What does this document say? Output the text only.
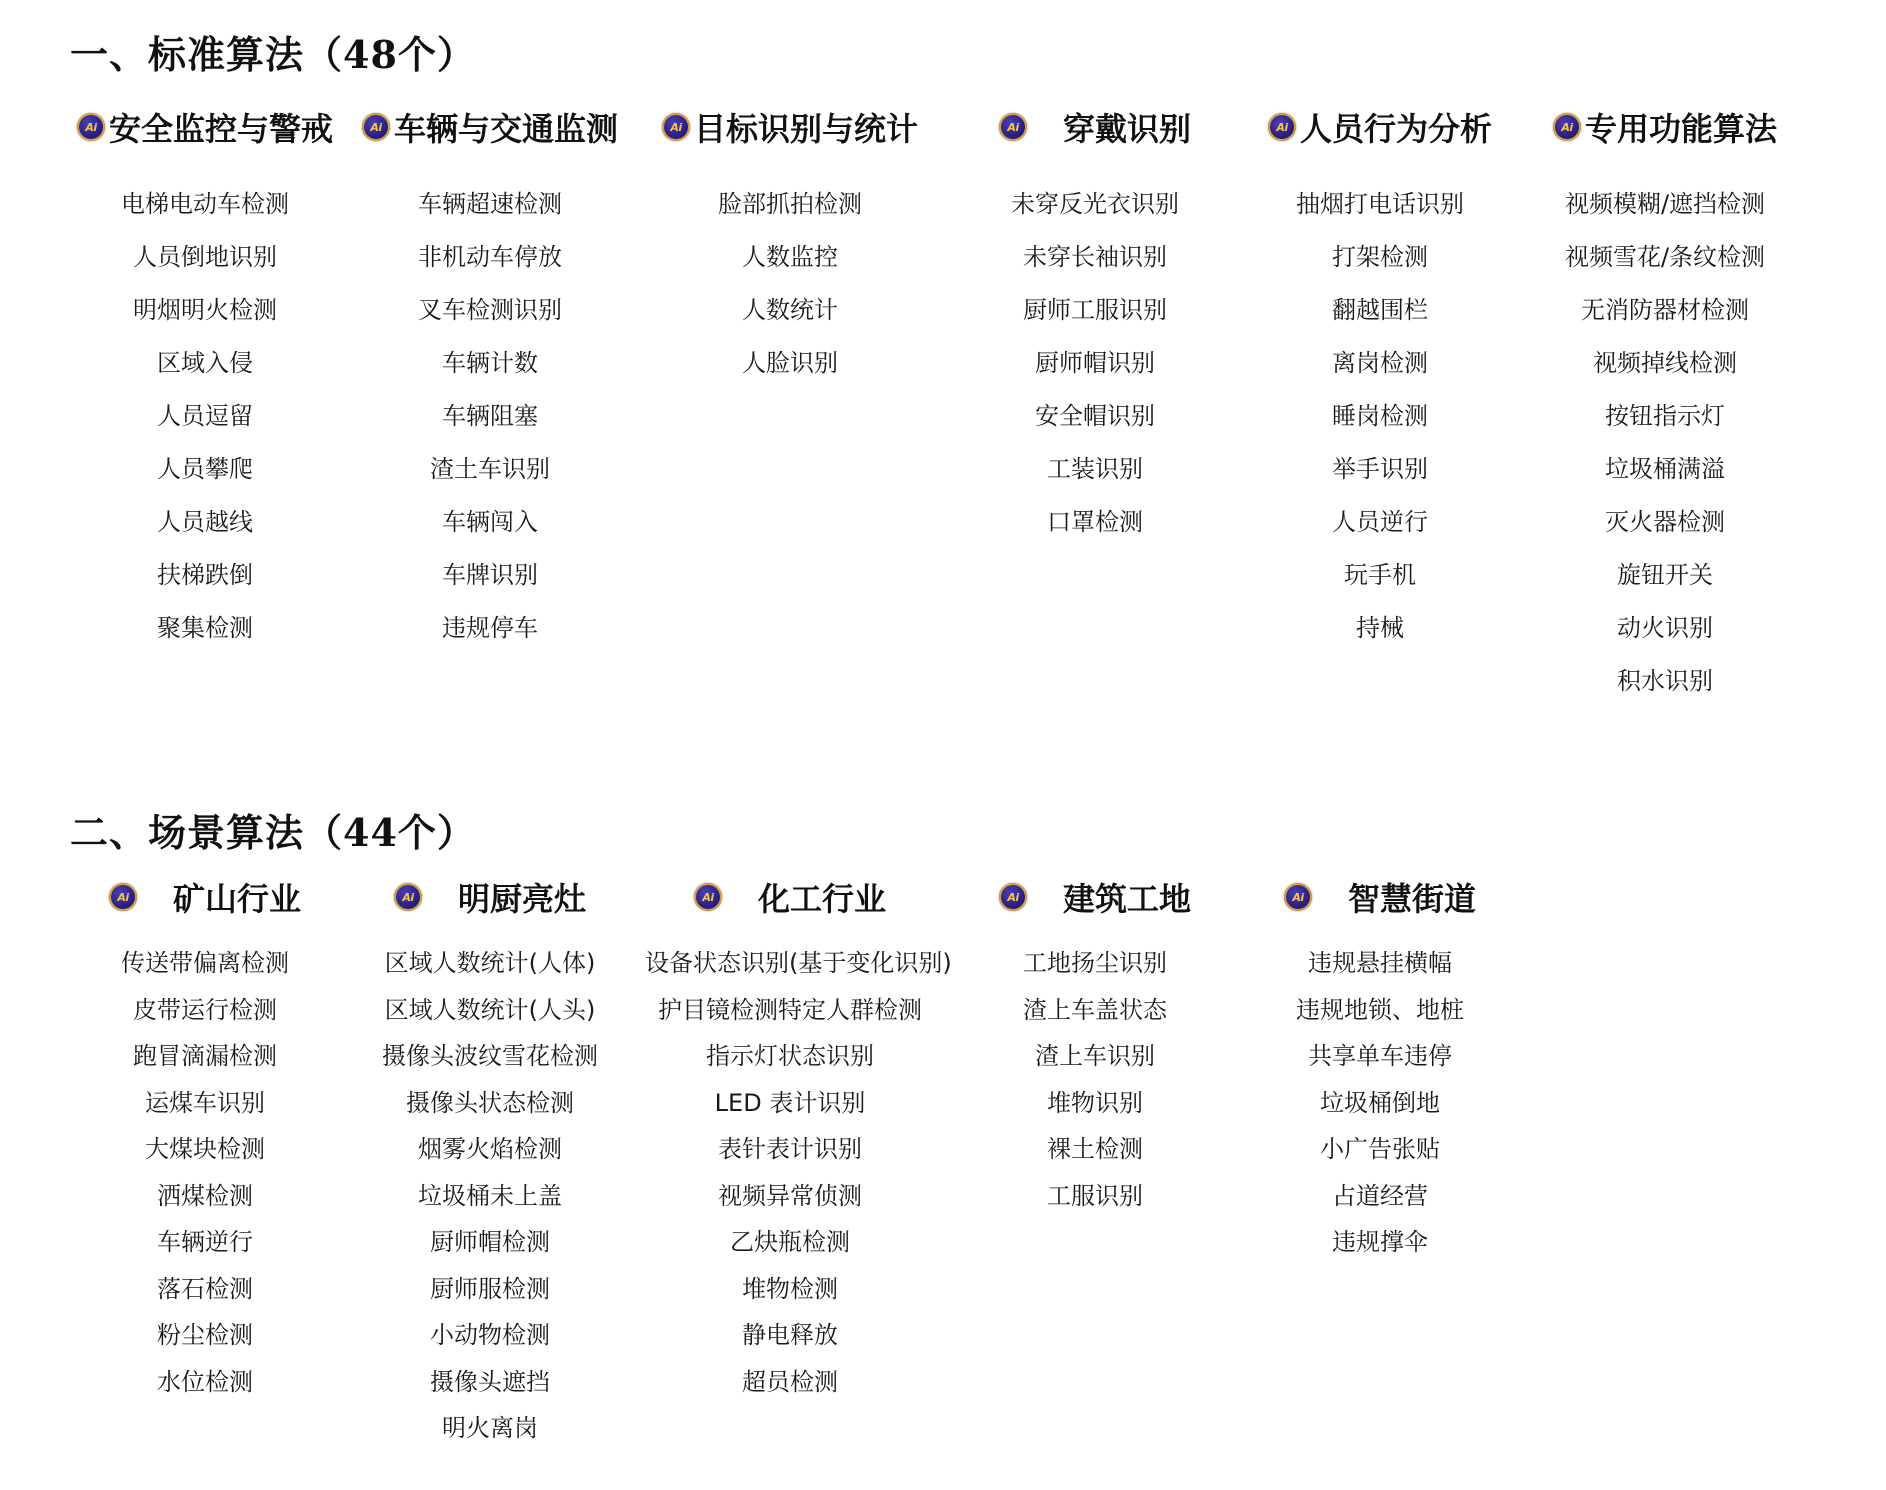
一、标准算法（48个）
Ai 安全监控与警戒
电梯电动车检测
人员倒地识别
明烟明火检测
区域入侵
人员逗留
人员攀爬
人员越线
扶梯跌倒
聚集检测
Ai 车辆与交通监测
车辆超速检测
非机动车停放
叉车检测识别
车辆计数
车辆阻塞
渣土车识别
车辆闯入
车牌识别
违规停车
Ai 目标识别与统计
脸部抓拍检测
人数监控
人数统计
人脸识别
Ai 穿戴识别
未穿反光衣识别
未穿长袖识别
厨师工服识别
厨师帽识别
安全帽识别
工装识别
口罩检测
Ai 人员行为分析
抽烟打电话识别
打架检测
翻越围栏
离岗检测
睡岗检测
举手识别
人员逆行
玩手机
持械
Ai 专用功能算法
视频模糊/遮挡检测
视频雪花/条纹检测
无消防器材检测
视频掉线检测
按钮指示灯
垃圾桶满溢
灭火器检测
旋钮开关
动火识别
积水识别
二、场景算法（44个）
Ai 矿山行业
传送带偏离检测
皮带运行检测
跑冒滴漏检测
运煤车识别
大煤块检测
洒煤检测
车辆逆行
落石检测
粉尘检测
水位检测
Ai 明厨亮灶
区域人数统计(人体)
区域人数统计(人头)
摄像头波纹雪花检测
摄像头状态检测
烟雾火焰检测
垃圾桶未上盖
厨师帽检测
厨师服检测
小动物检测
摄像头遮挡
明火离岗
Ai 化工行业
设备状态识别(基于变化识别)
护目镜检测特定人群检测
指示灯状态识别
LED 表计识别
表针表计识别
视频异常侦测
乙炔瓶检测
堆物检测
静电释放
超员检测
Ai 建筑工地
工地扬尘识别
渣上车盖状态
渣上车识别
堆物识别
裸土检测
工服识别
Ai 智慧街道
违规悬挂横幅
违规地锁、地桩
共享单车违停
垃圾桶倒地
小广告张贴
占道经营
违规撑伞
